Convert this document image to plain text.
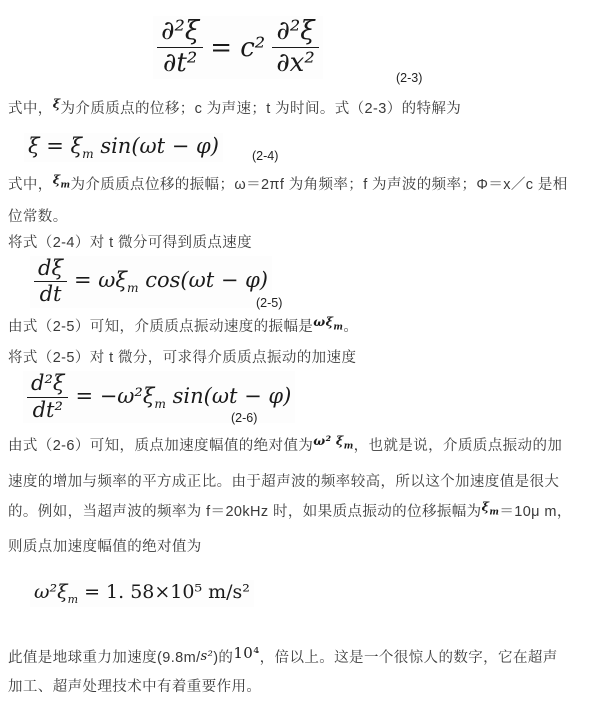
$\frac{\text{∂²ξ}}{\text{∂t²}} = c^2 \frac{\text{∂²ξ}}{\text{∂x²}}$	(2-3)

式中，ξ为介质质点的位移；c 为声速；t 为时间。式（2-3）的特解为

$\xi = \xi_m$ sin(ωt − φ)	(2-4)

式中，$\xi_m$为介质质点位移的振幅；ω＝2πf 为角频率；f 为声波的频率；Φ＝x／c 是相位常数。

将式（2-4）对 t 微分可得到质点速度

$\frac{d\xi}{dt} = \omega\xi_m$ cos(ωt − φ)
(2-5)

由式（2-5）可知，介质质点振动速度的振幅是$\omega\xi_m$。

将式（2-5）对 t 微分，可求得介质质点振动的加速度

$\frac{\text{d²ξ}}{\text{dt²}} = -\omega^2\xi_m$ sin(ωt − φ)
(2-6)

由式（2-6）可知，质点加速度幅值的绝对值为ω² $\xi_m$，也就是说，介质质点振动的加速度的增加与频率的平方成正比。由于超声波的频率较高，所以这个加速度值是很大的。例如，当超声波的频率为 f＝20kHz 时，如果质点振动的位移振幅为$\xi_m=10\mu$ m，则质点加速度幅值的绝对值为

$\omega^2\xi_m = 1$. 58×10⁵ m/s²

此值是地球重力加速度(9.8m/s²)的10⁴，倍以上。这是一个很惊人的数字，它在超声加工、超声处理技术中有着重要作用。
